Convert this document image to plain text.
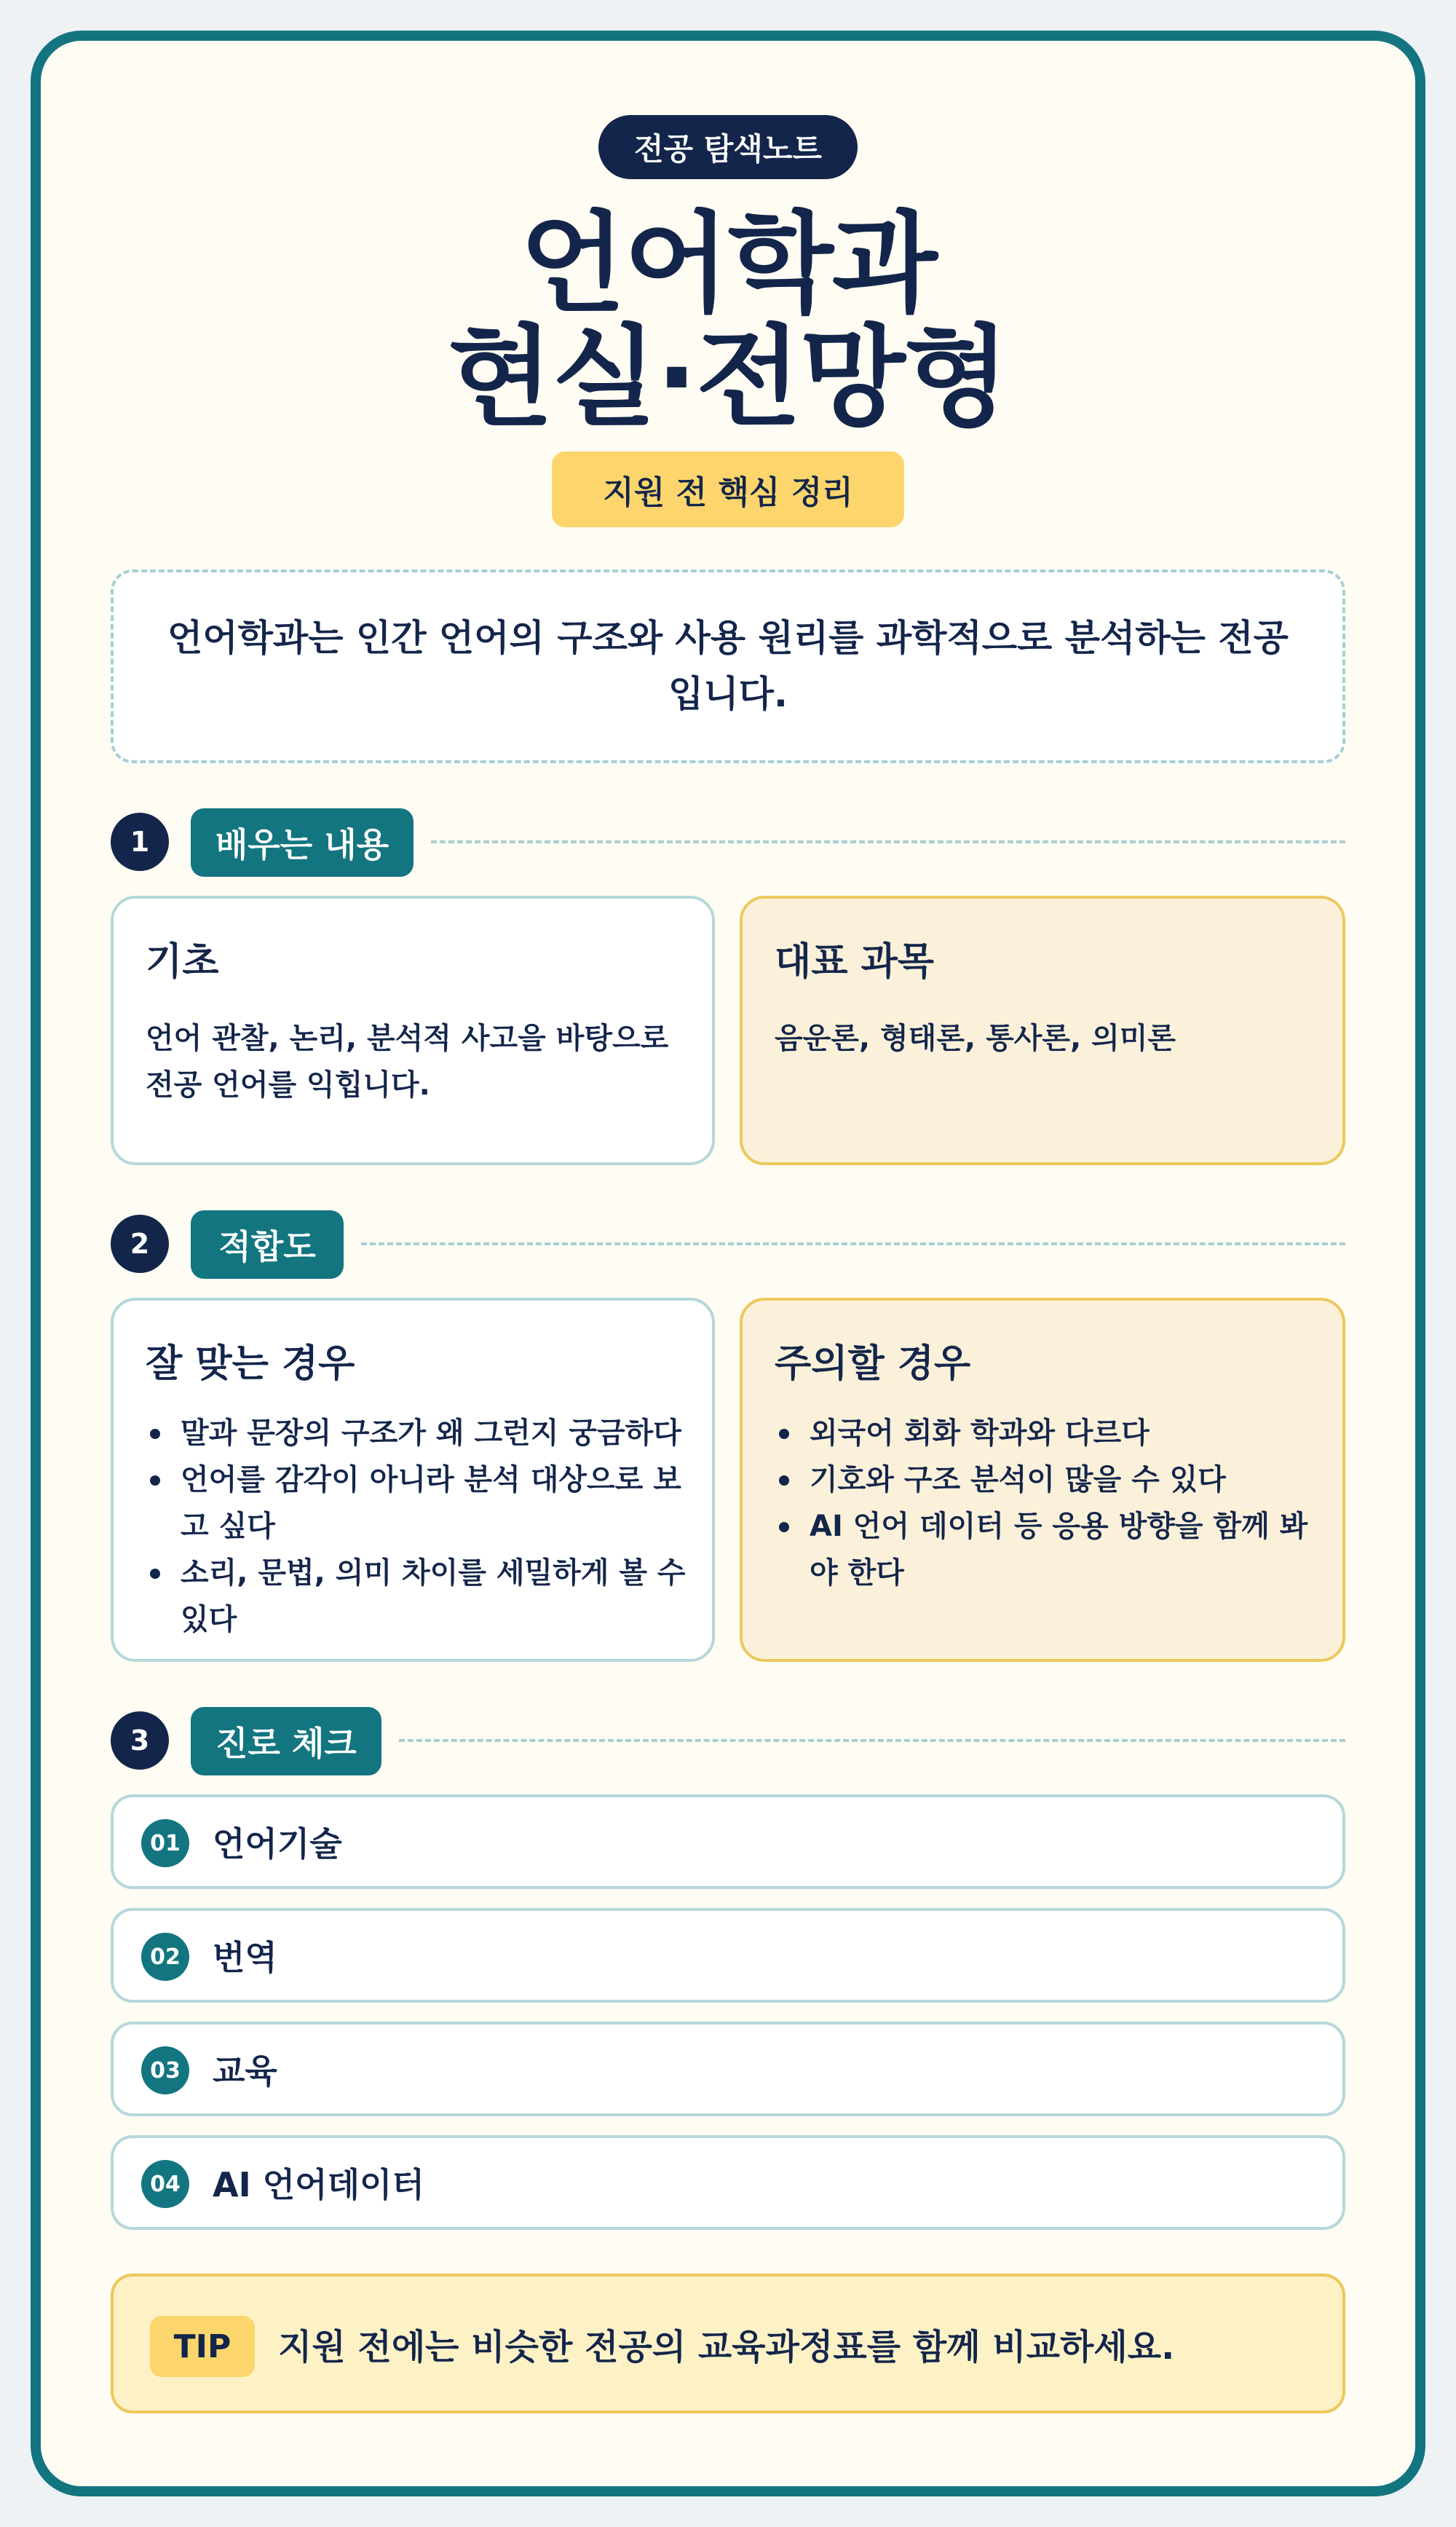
전공 탐색노트
언어학과
현실·전망형
지원 전 핵심 정리
언어학과는 인간 언어의 구조와 사용 원리를 과학적으로 분석하는 전공입니다.
1	배우는 내용
기초
언어 관찰, 논리, 분석적 사고을 바탕으로 전공 언어를 익힙니다.
대표 과목
음운론, 형태론, 통사론, 의미론
2	적합도
잘 맞는 경우
말과 문장의 구조가 왜 그런지 궁금하다
언어를 감각이 아니라 분석 대상으로 보고 싶다
소리, 문법, 의미 차이를 세밀하게 볼 수 있다
주의할 경우
외국어 회화 학과와 다르다
기호와 구조 분석이 많을 수 있다
AI 언어 데이터 등 응용 방향을 함께 봐야 한다
3	진로 체크
01 언어기술
02 번역
03 교육
04 AI 언어데이터
TIP	지원 전에는 비슷한 전공의 교육과정표를 함께 비교하세요.
